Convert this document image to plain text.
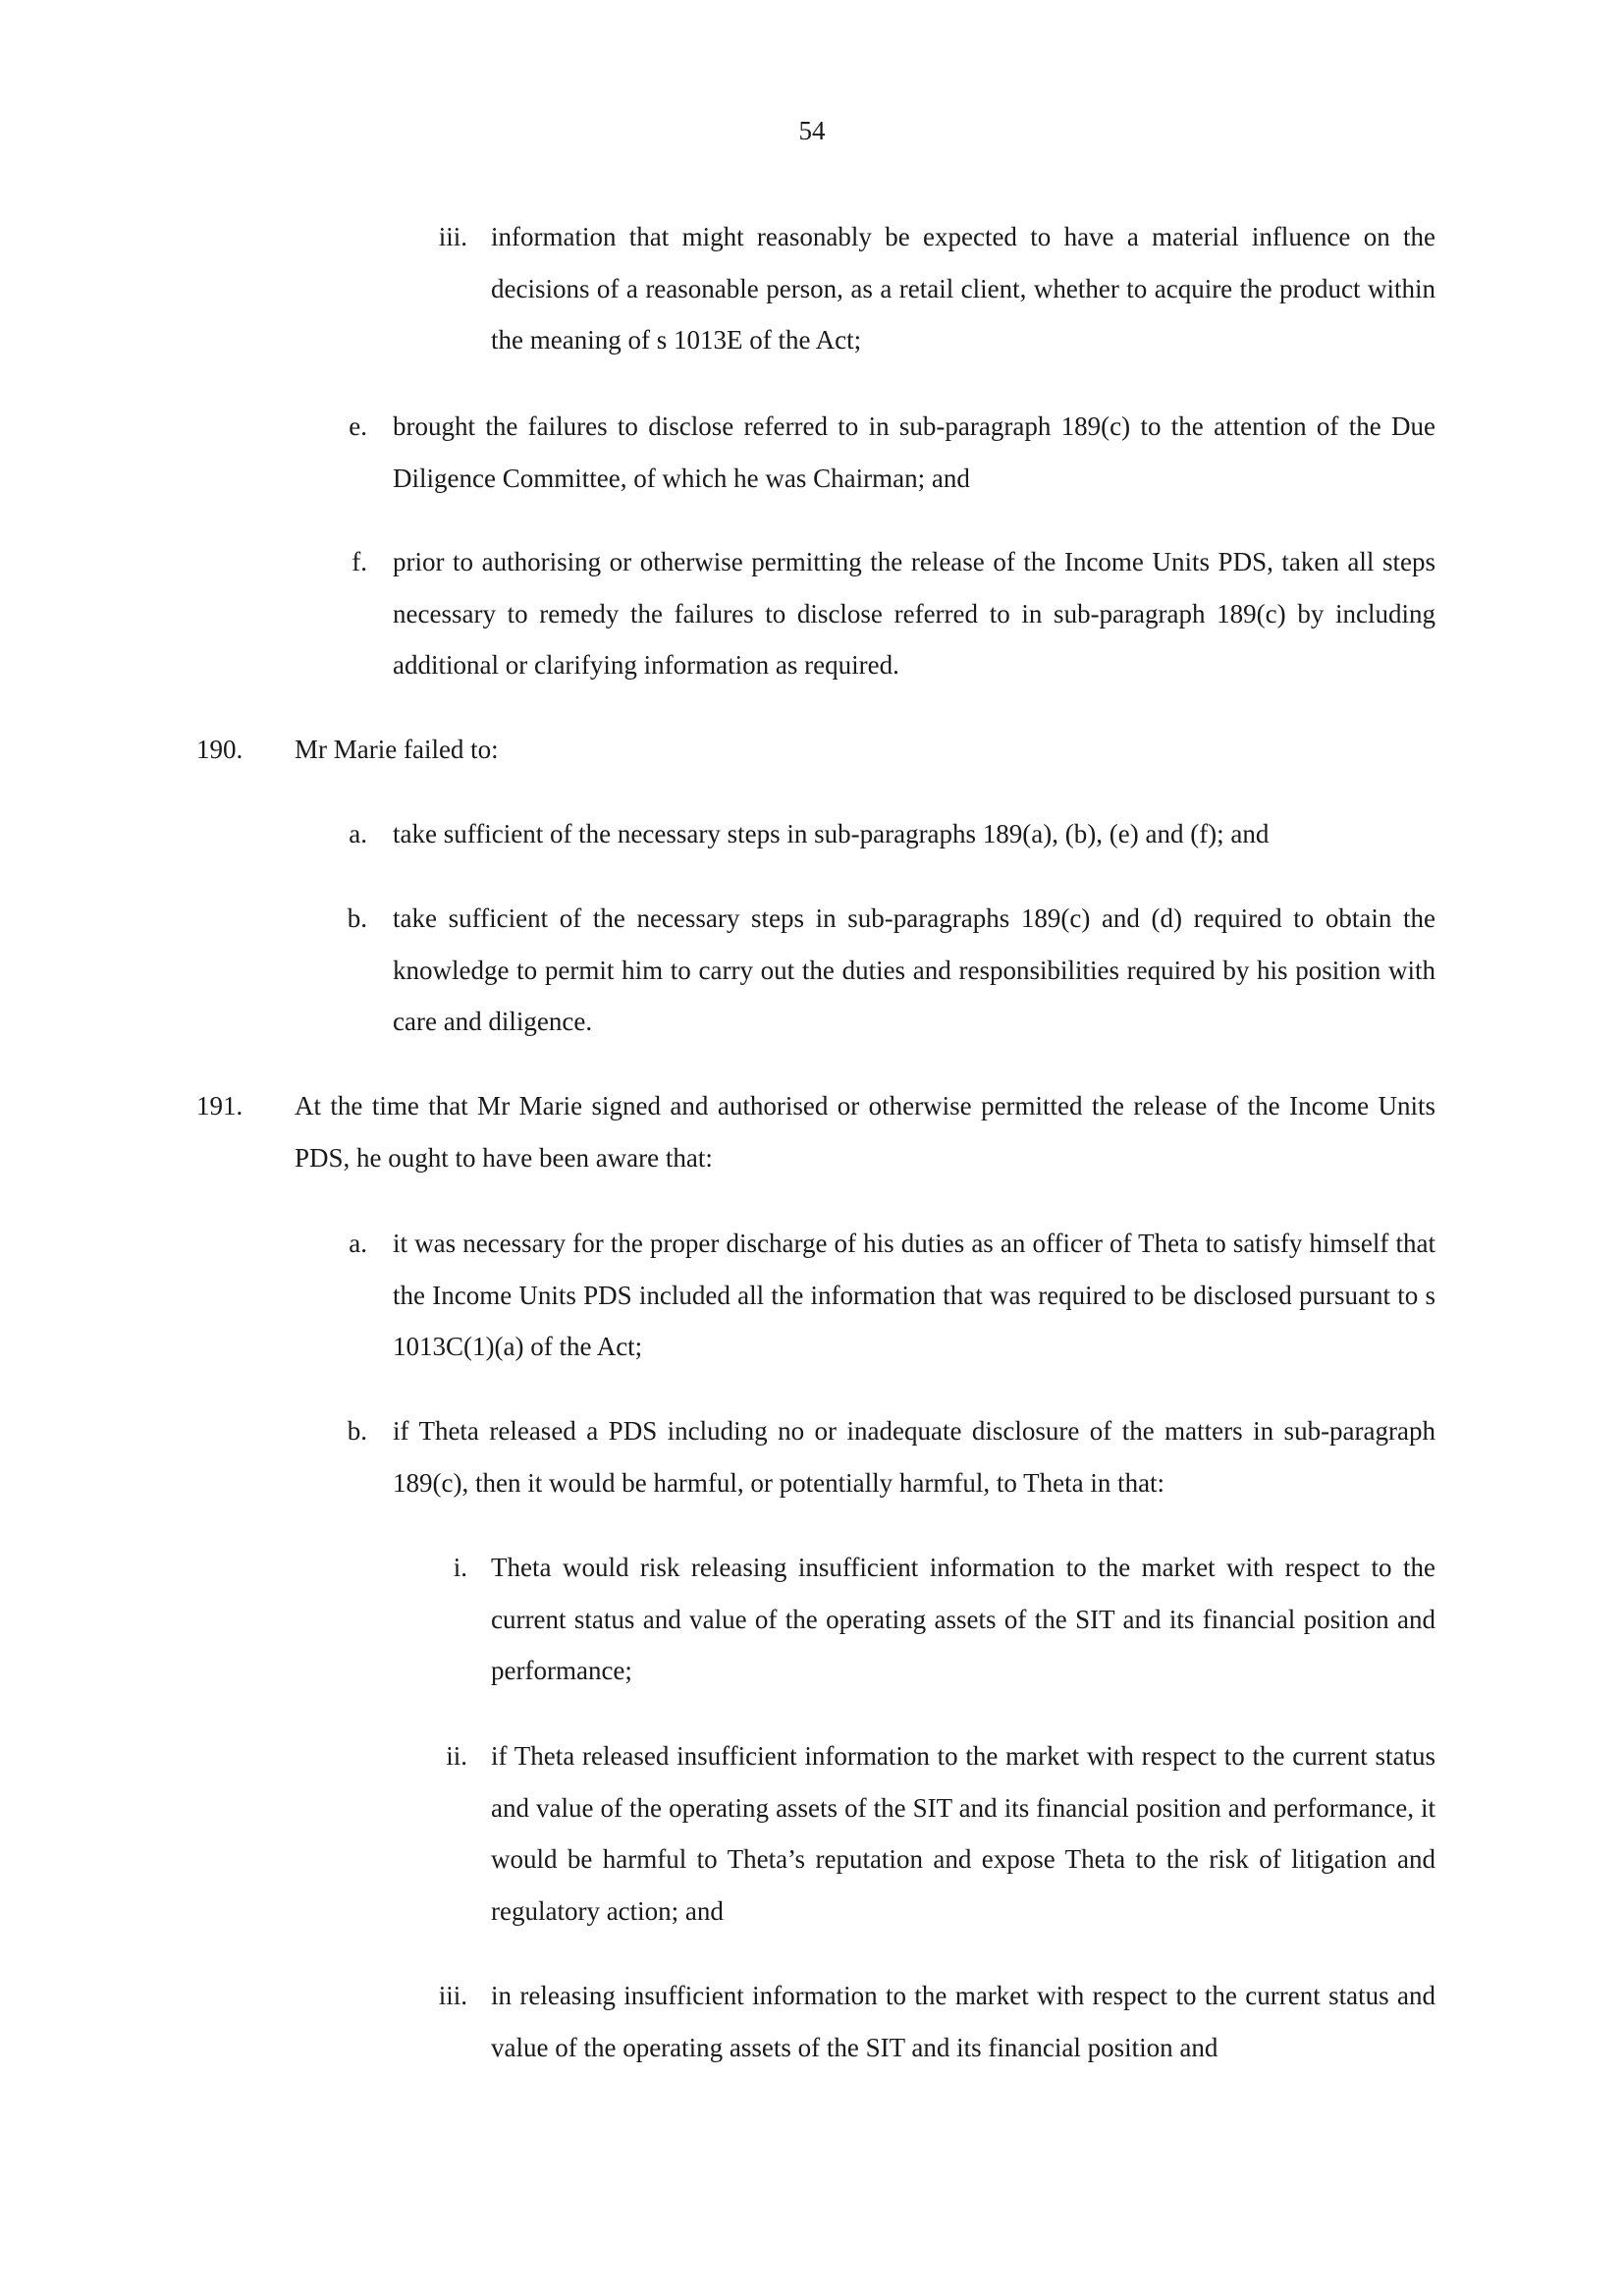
54
iii. information that might reasonably be expected to have a material influence on the decisions of a reasonable person, as a retail client, whether to acquire the product within the meaning of s 1013E of the Act;
e. brought the failures to disclose referred to in sub-paragraph 189(c) to the attention of the Due Diligence Committee, of which he was Chairman; and
f. prior to authorising or otherwise permitting the release of the Income Units PDS, taken all steps necessary to remedy the failures to disclose referred to in sub-paragraph 189(c) by including additional or clarifying information as required.
190. Mr Marie failed to:
a. take sufficient of the necessary steps in sub-paragraphs 189(a), (b), (e) and (f); and
b. take sufficient of the necessary steps in sub-paragraphs 189(c) and (d) required to obtain the knowledge to permit him to carry out the duties and responsibilities required by his position with care and diligence.
191. At the time that Mr Marie signed and authorised or otherwise permitted the release of the Income Units PDS, he ought to have been aware that:
a. it was necessary for the proper discharge of his duties as an officer of Theta to satisfy himself that the Income Units PDS included all the information that was required to be disclosed pursuant to s 1013C(1)(a) of the Act;
b. if Theta released a PDS including no or inadequate disclosure of the matters in sub-paragraph 189(c), then it would be harmful, or potentially harmful, to Theta in that:
i. Theta would risk releasing insufficient information to the market with respect to the current status and value of the operating assets of the SIT and its financial position and performance;
ii. if Theta released insufficient information to the market with respect to the current status and value of the operating assets of the SIT and its financial position and performance, it would be harmful to Theta’s reputation and expose Theta to the risk of litigation and regulatory action; and
iii. in releasing insufficient information to the market with respect to the current status and value of the operating assets of the SIT and its financial position and
